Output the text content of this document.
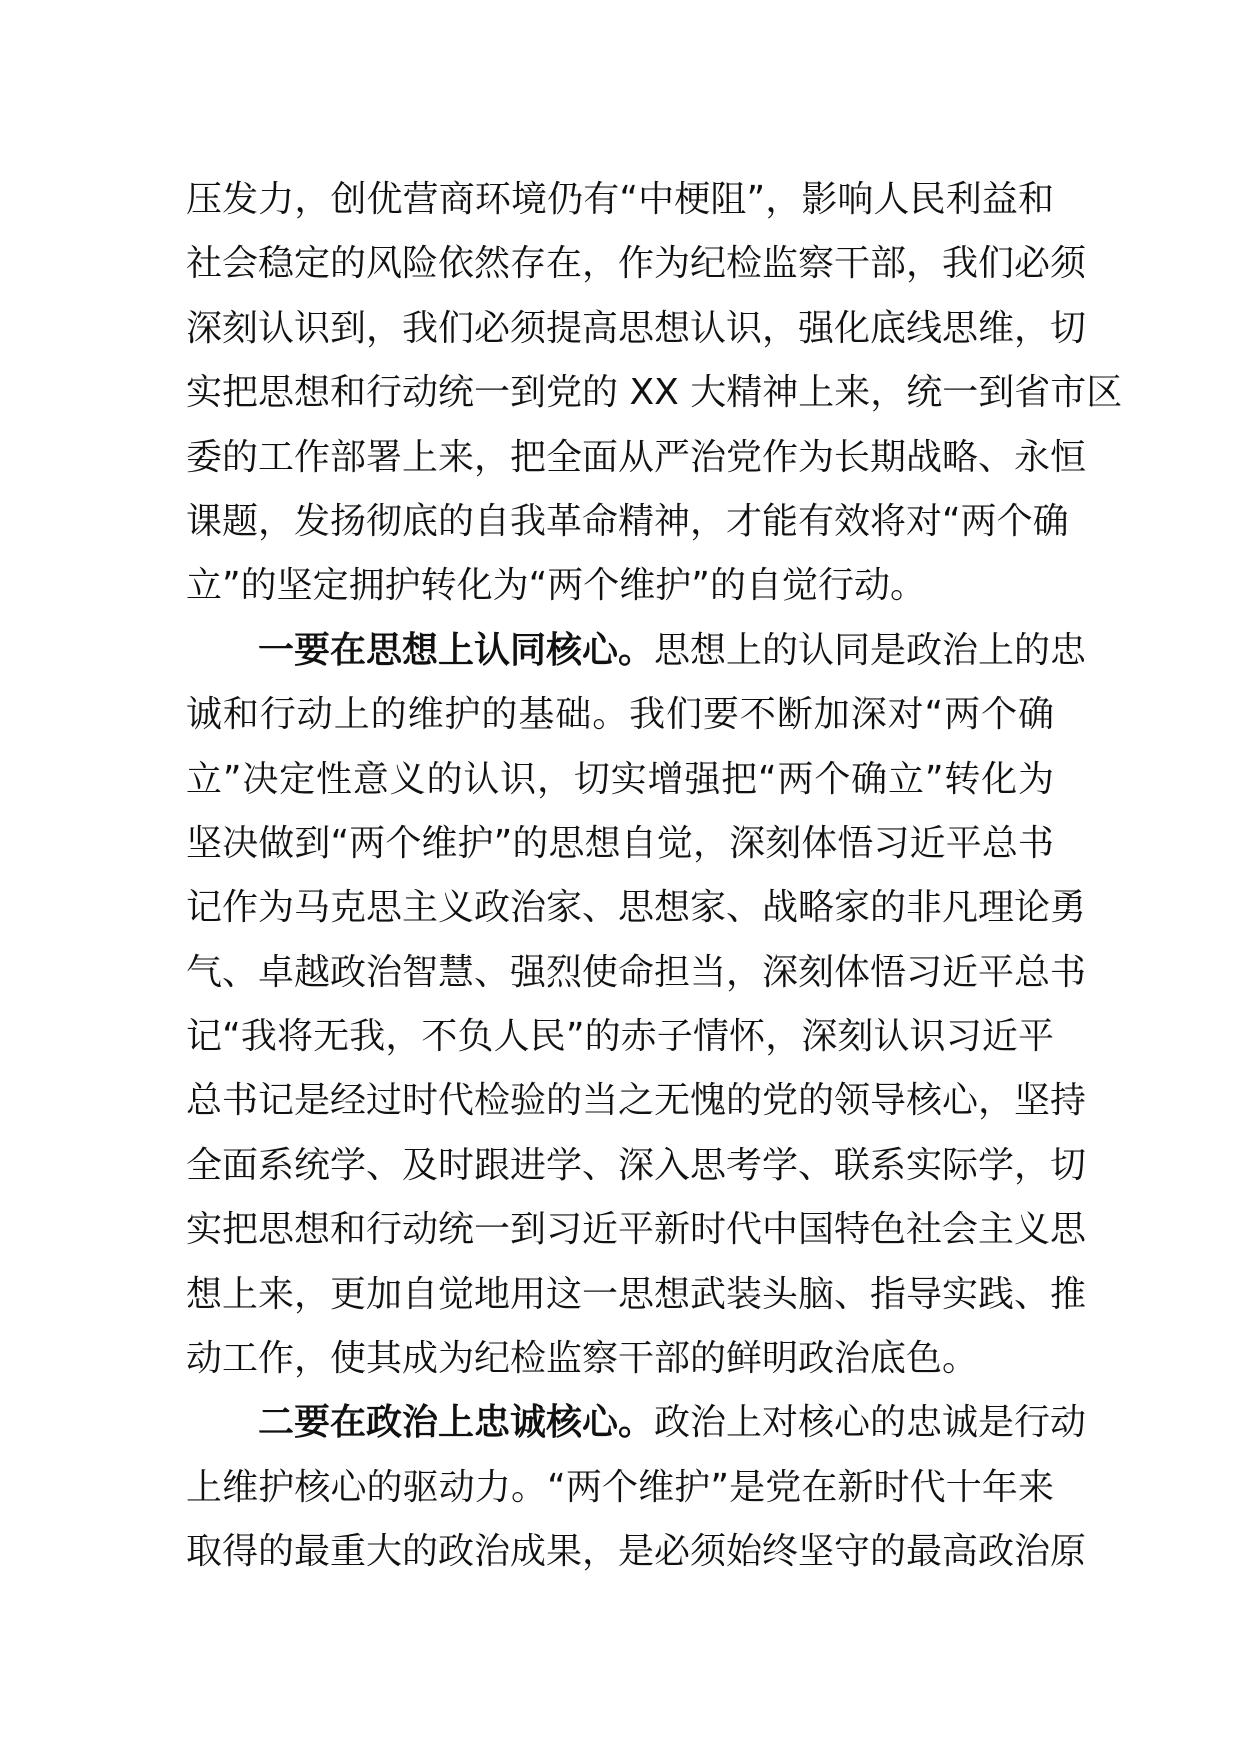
压发力，创优营商环境仍有“中梗阻”，影响人民利益和
社会稳定的风险依然存在，作为纪检监察干部，我们必须
深刻认识到，我们必须提高思想认识，强化底线思维，切
实把思想和行动统一到党的 XX 大精神上来，统一到省市区
委的工作部署上来，把全面从严治党作为长期战略、永恒
课题，发扬彻底的自我革命精神，才能有效将对“两个确
立”的坚定拥护转化为“两个维护”的自觉行动。
一要在思想上认同核心。思想上的认同是政治上的忠
诚和行动上的维护的基础。我们要不断加深对“两个确
立”决定性意义的认识，切实增强把“两个确立”转化为
坚决做到“两个维护”的思想自觉，深刻体悟习近平总书
记作为马克思主义政治家、思想家、战略家的非凡理论勇
气、卓越政治智慧、强烈使命担当，深刻体悟习近平总书
记“我将无我，不负人民”的赤子情怀，深刻认识习近平
总书记是经过时代检验的当之无愧的党的领导核心，坚持
全面系统学、及时跟进学、深入思考学、联系实际学，切
实把思想和行动统一到习近平新时代中国特色社会主义思
想上来，更加自觉地用这一思想武装头脑、指导实践、推
动工作，使其成为纪检监察干部的鲜明政治底色。
二要在政治上忠诚核心。政治上对核心的忠诚是行动
上维护核心的驱动力。“两个维护”是党在新时代十年来
取得的最重大的政治成果，是必须始终坚守的最高政治原
